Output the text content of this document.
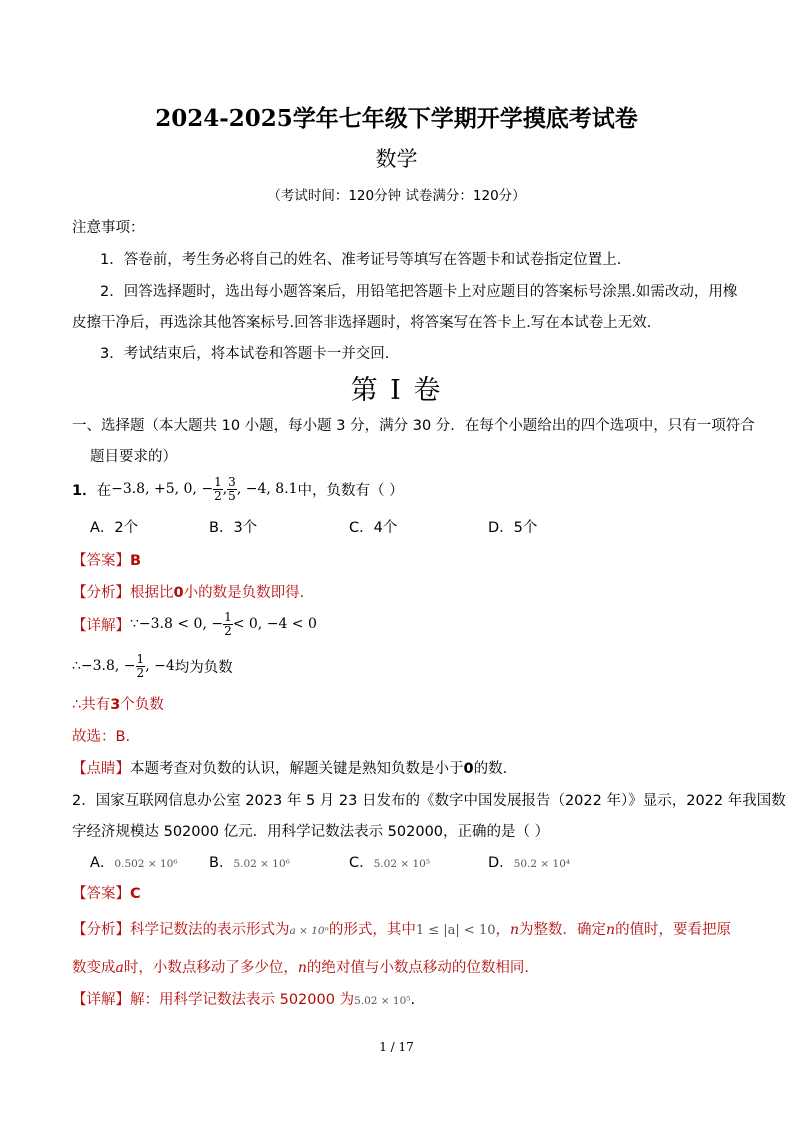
2024-2025学年七年级下学期开学摸底考试卷
数学
（考试时间：120分钟 试卷满分：120分）
注意事项：
1．答卷前，考生务必将自己的姓名、准考证号等填写在答题卡和试卷指定位置上.
2．回答选择题时，选出每小题答案后，用铅笔把答题卡上对应题目的答案标号涂黑.如需改动，用橡
皮擦干净后，再选涂其他答案标号.回答非选择题时，将答案写在答卡上.写在本试卷上无效.
3．考试结束后，将本试卷和答题卡一并交回.
第 I 卷
一、选择题（本大题共 10 小题，每小题 3 分，满分 30 分．在每个小题给出的四个选项中，只有一项符合
题目要求的）
1． 在 −3.8, +5, 0, − $\frac{1}{2}$ , $\frac{3}{5}$ , −4, 8.1 中，负数有（ ）
A．2个	B．3个	C．4个	D．5个
【答案】B
【分析】根据比0小的数是负数即得.
【详解】 ∵−3.8 < 0, − $\frac{1}{2} < 0$, −4 < 0
∴−3.8, − $\frac{1}{2}$ , −4 均为负数
∴共有3个负数
故选：B.
【点睛】本题考查对负数的认识，解题关键是熟知负数是小于0的数.
2．国家互联网信息办公室 2023 年 5 月 23 日发布的《数字中国发展报告（2022 年）》显示，2022 年我国数
字经济规模达 502000 亿元．用科学记数法表示 502000，正确的是（ ）
A．0.502 × 10⁶ B．5.02 × 10⁶	C．5.02 × 10⁵	D．50.2 × 10⁴
【答案】C
【分析】科学记数法的表示形式为a × 10ⁿ的形式，其中1 ≤ |a| < 10，n为整数．确定n的值时，要看把原
数变成a时，小数点移动了多少位，n的绝对值与小数点移动的位数相同.
【详解】解：用科学记数法表示 502000 为5.02 × 10⁵.
1 / 17
